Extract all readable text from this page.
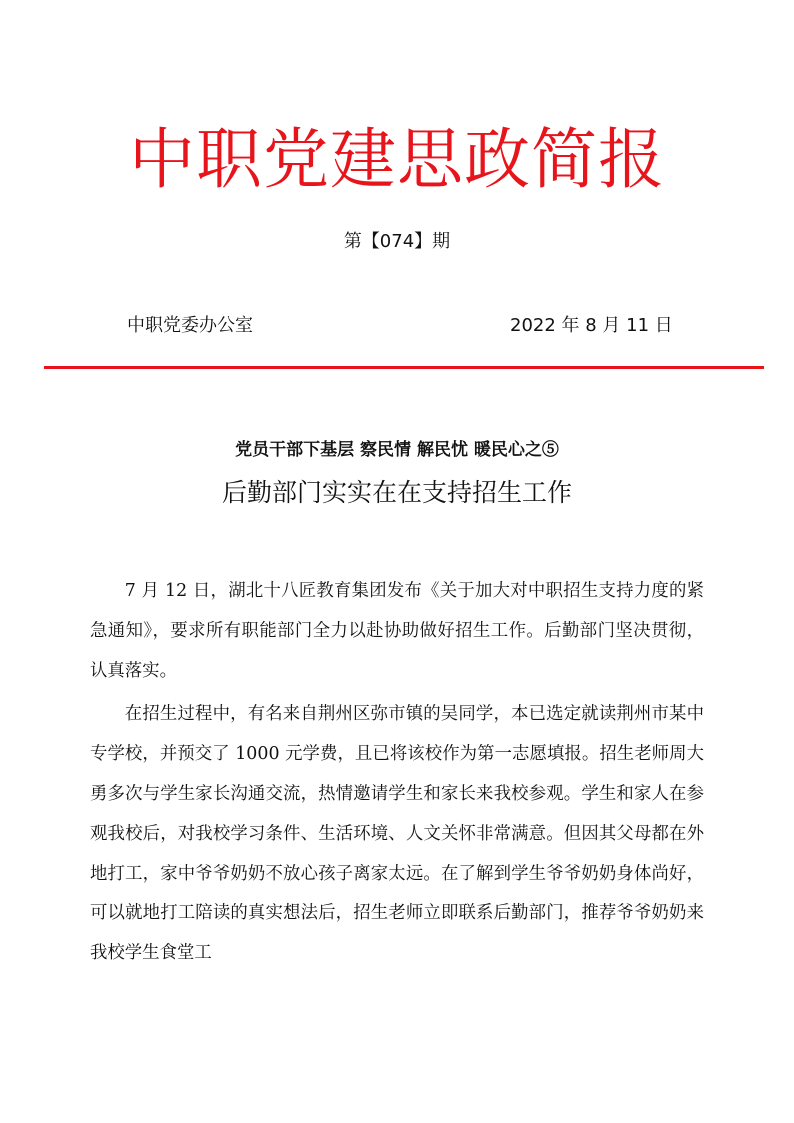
中职党建思政简报
第【074】期
中职党委办公室	2022 年 8 月 11 日
党员干部下基层 察民情 解民忧 暖民心之⑤
后勤部门实实在在支持招生工作

7 月 12 日，湖北十八匠教育集团发布《关于加大对中职招生支持力度的紧急通知》，要求所有职能部门全力以赴协助做好招生工作。后勤部门坚决贯彻，认真落实。

在招生过程中，有名来自荆州区弥市镇的吴同学，本已选定就读荆州市某中专学校，并预交了 1000 元学费，且已将该校作为第一志愿填报。招生老师周大勇多次与学生家长沟通交流，热情邀请学生和家长来我校参观。学生和家人在参观我校后，对我校学习条件、生活环境、人文关怀非常满意。但因其父母都在外地打工，家中爷爷奶奶不放心孩子离家太远。在了解到学生爷爷奶奶身体尚好，可以就地打工陪读的真实想法后，招生老师立即联系后勤部门，推荐爷爷奶奶来我校学生食堂工
